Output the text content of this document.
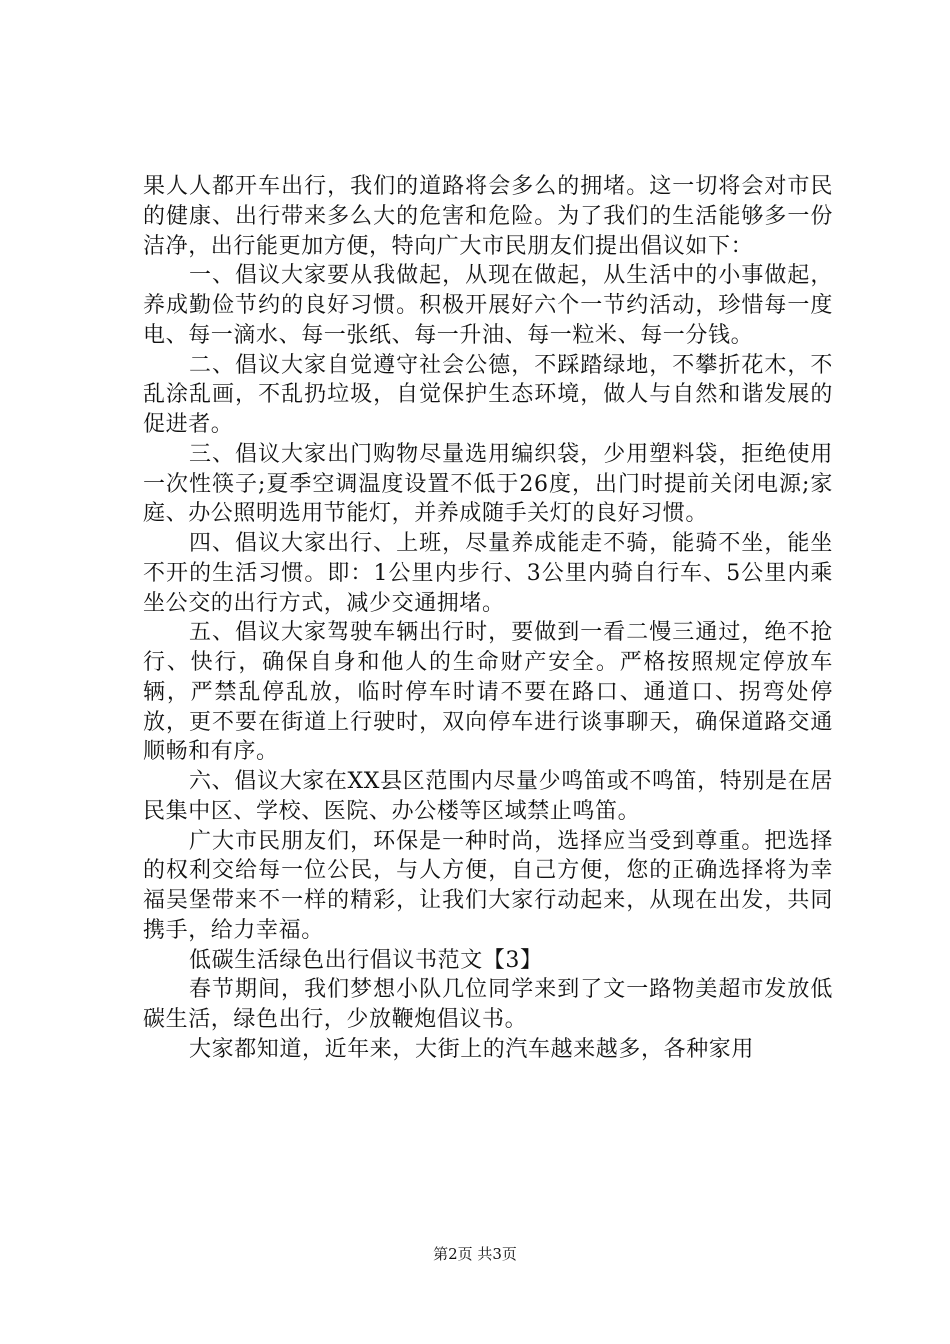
果人人都开车出行，我们的道路将会多么的拥堵。这一切将会对市民的健康、出行带来多么大的危害和危险。为了我们的生活能够多一份洁净，出行能更加方便，特向广大市民朋友们提出倡议如下：

一、倡议大家要从我做起，从现在做起，从生活中的小事做起，养成勤俭节约的良好习惯。积极开展好六个一节约活动，珍惜每一度电、每一滴水、每一张纸、每一升油、每一粒米、每一分钱。

二、倡议大家自觉遵守社会公德，不踩踏绿地，不攀折花木，不乱涂乱画，不乱扔垃圾，自觉保护生态环境，做人与自然和谐发展的促进者。

三、倡议大家出门购物尽量选用编织袋，少用塑料袋，拒绝使用一次性筷子;夏季空调温度设置不低于26度，出门时提前关闭电源;家庭、办公照明选用节能灯，并养成随手关灯的良好习惯。

四、倡议大家出行、上班，尽量养成能走不骑，能骑不坐，能坐不开的生活习惯。即：1公里内步行、3公里内骑自行车、5公里内乘坐公交的出行方式，减少交通拥堵。

五、倡议大家驾驶车辆出行时，要做到一看二慢三通过，绝不抢行、快行，确保自身和他人的生命财产安全。严格按照规定停放车辆，严禁乱停乱放，临时停车时请不要在路口、通道口、拐弯处停放，更不要在街道上行驶时，双向停车进行谈事聊天，确保道路交通顺畅和有序。

六、倡议大家在XX县区范围内尽量少鸣笛或不鸣笛，特别是在居民集中区、学校、医院、办公楼等区域禁止鸣笛。

广大市民朋友们，环保是一种时尚，选择应当受到尊重。把选择的权利交给每一位公民，与人方便，自己方便，您的正确选择将为幸福吴堡带来不一样的精彩，让我们大家行动起来，从现在出发，共同携手，给力幸福。

低碳生活绿色出行倡议书范文【3】

春节期间，我们梦想小队几位同学来到了文一路物美超市发放低碳生活，绿色出行，少放鞭炮倡议书。

大家都知道，近年来，大街上的汽车越来越多，各种家用

第2页 共3页
